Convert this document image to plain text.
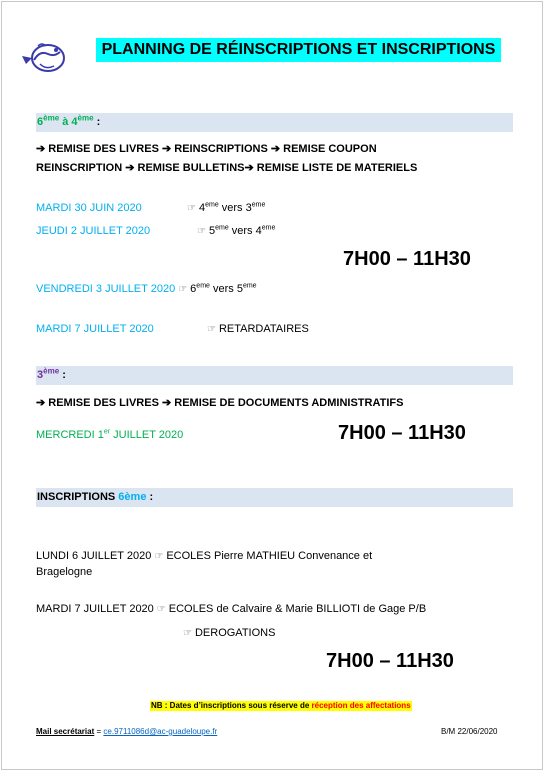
PLANNING DE RÉINSCRIPTIONS ET INSCRIPTIONS
6ème à 4ème :
➔ REMISE DES LIVRES ➔ REINSCRIPTIONS ➔ REMISE COUPON
REINSCRIPTION ➔ REMISE BULLETINS➔ REMISE LISTE DE MATERIELS
MARDI 30 JUIN 2020	☞ 4eme vers 3eme
JEUDI 2 JUILLET 2020	☞ 5eme vers 4eme
7H00 – 11H30
VENDREDI 3 JUILLET 2020 ☞ 6eme vers 5eme
MARDI 7 JUILLET 2020	☞ RETARDATAIRES
3ème :
➔ REMISE DES LIVRES ➔ REMISE DE DOCUMENTS ADMINISTRATIFS
MERCREDI 1er JUILLET 2020	7H00 – 11H30
INSCRIPTIONS 6ème :
LUNDI 6 JUILLET 2020 ☞ ECOLES Pierre MATHIEU Convenance et
Bragelogne
MARDI 7 JUILLET 2020 ☞ ECOLES de Calvaire & Marie BILLIOTI de Gage P/B
☞ DEROGATIONS
7H00 – 11H30
NB : Dates d’inscriptions sous réserve de réception des affectations
Mail secrétariat = ce.9711086d@ac-guadeloupe.fr	B/M 22/06/2020
